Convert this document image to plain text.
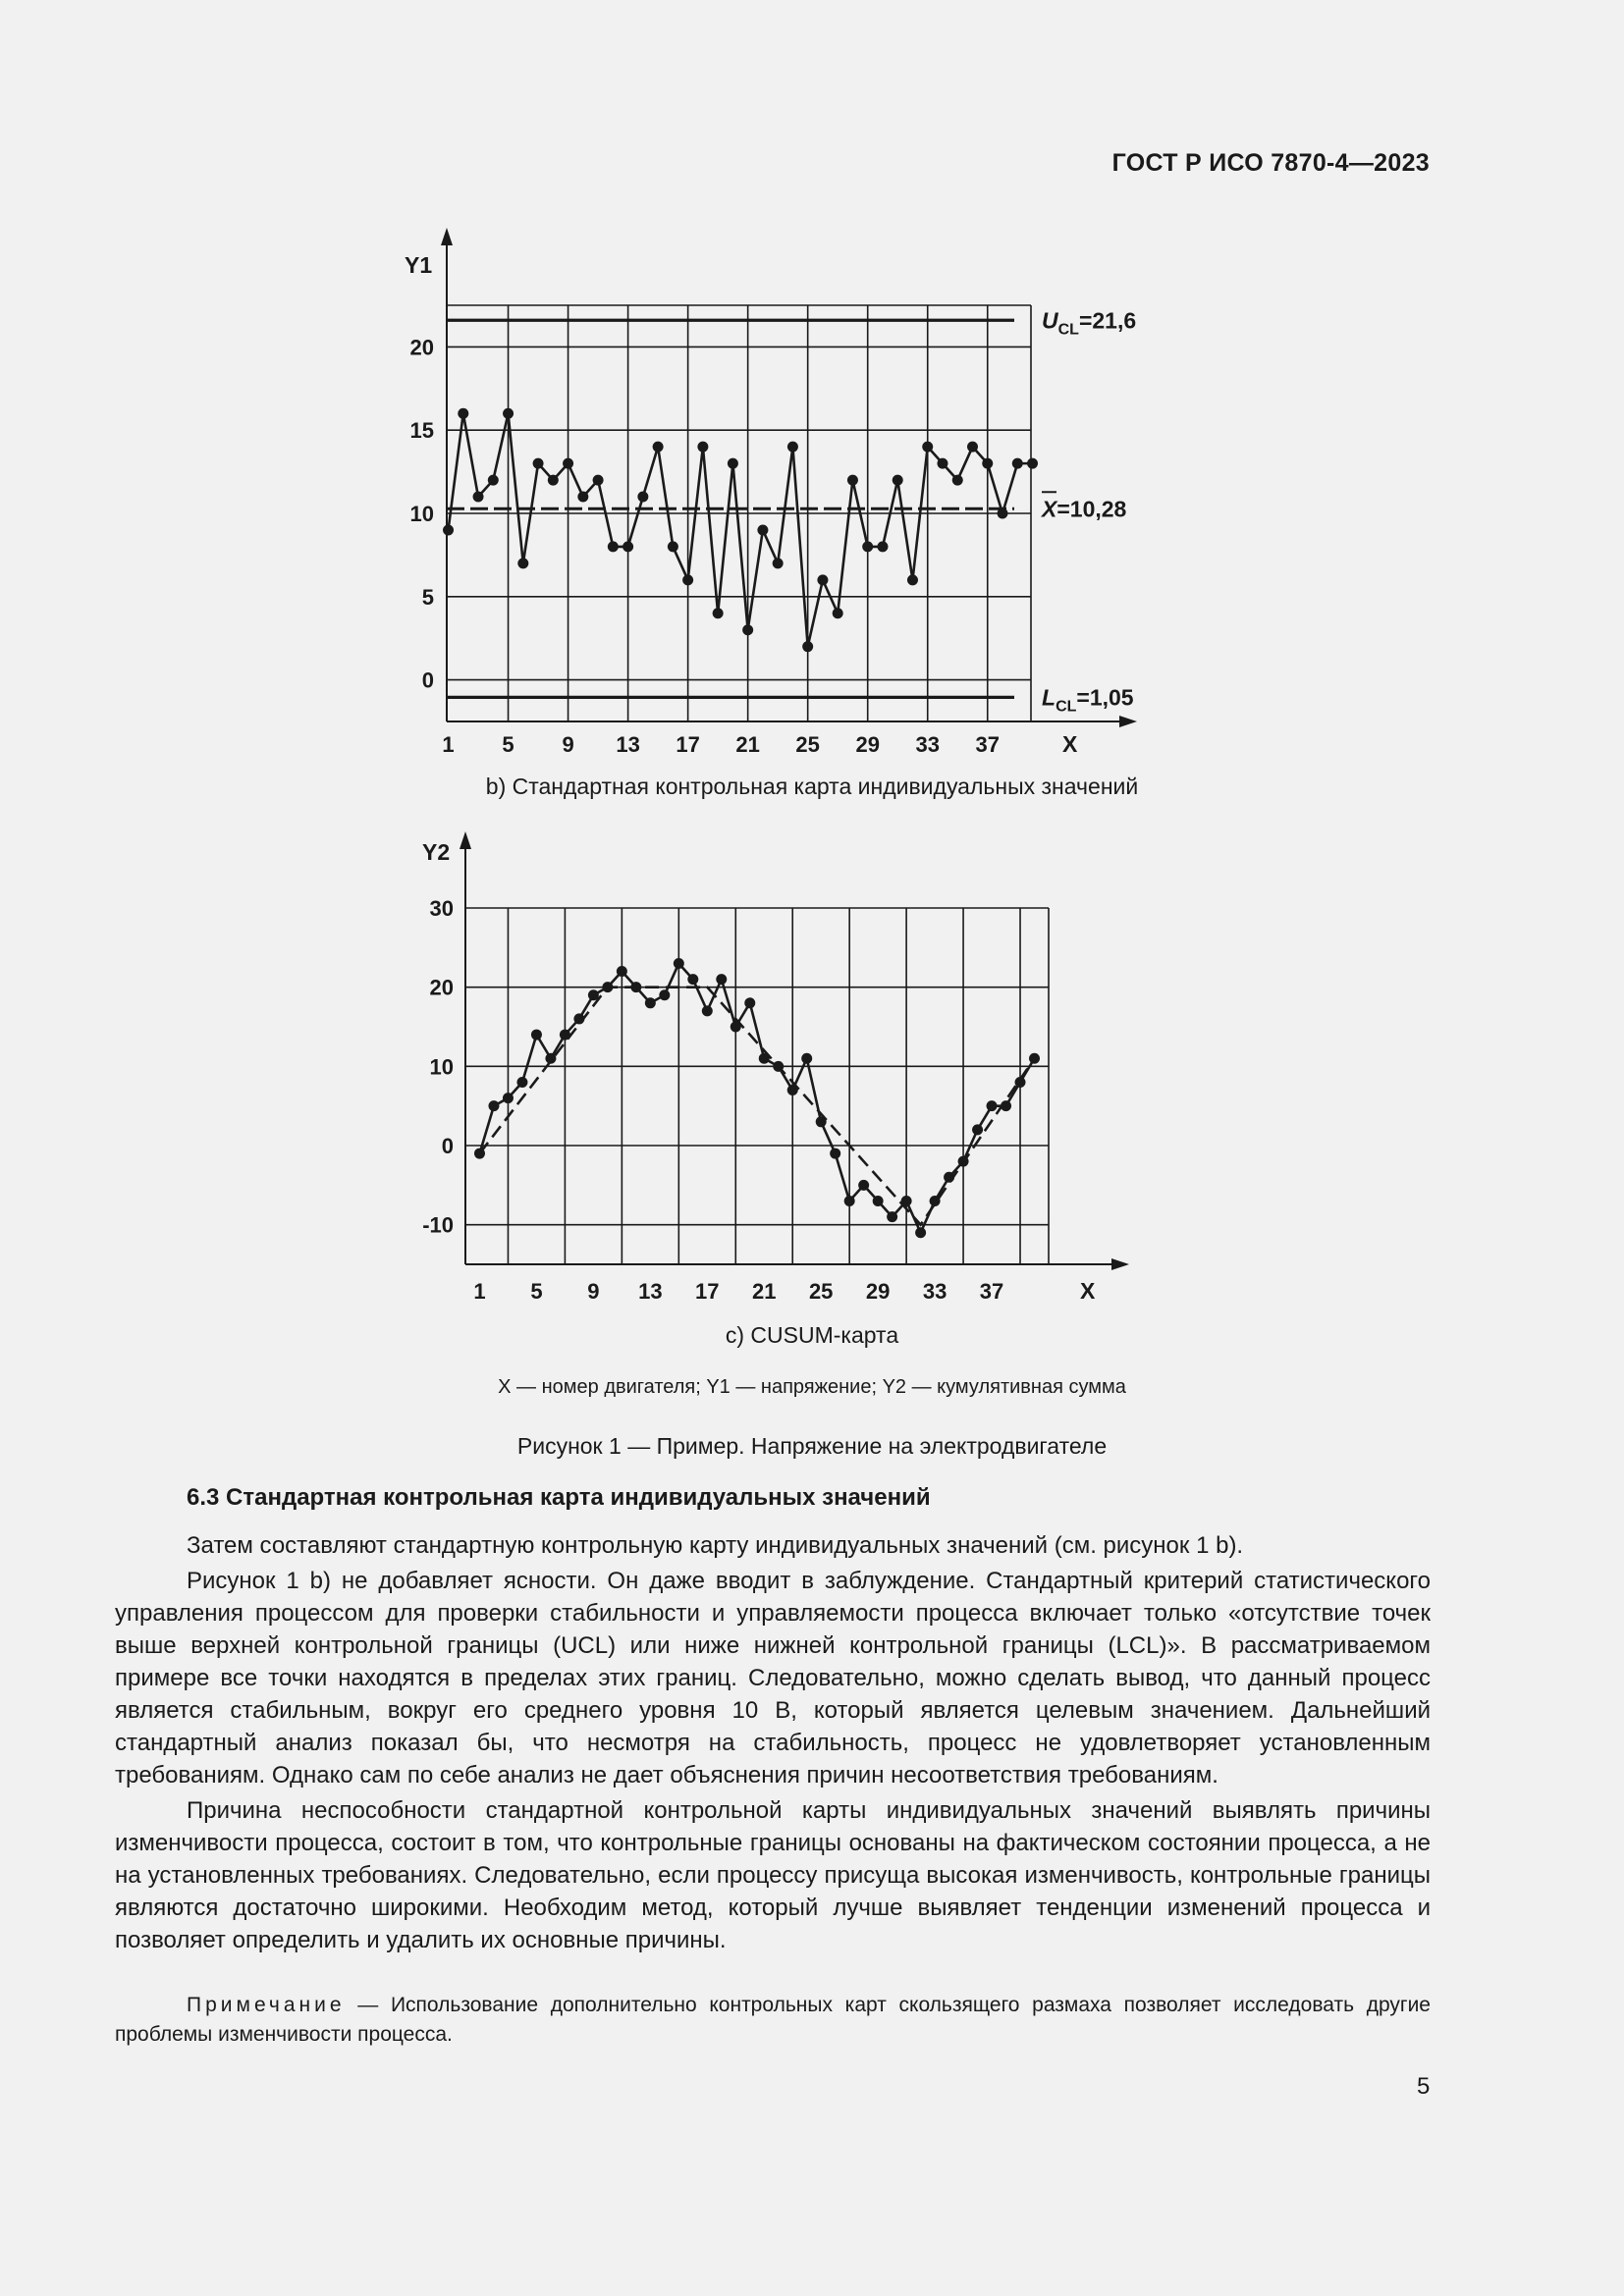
ГОСТ Р ИСО 7870-4—2023
Y1
X
0
5
10
15
20
1 5 9 13 17 21 25 29 33 37
$U_{CL}=21,6$
X=10,28
$L_{CL}=1,05$
b) Стандартная контрольная карта индивидуальных значений
Y2
X
30
20
10
0
-10
1 5 9 13 17 21 25 29 33 37
c) CUSUM-карта
X — номер двигателя; Y1 — напряжение; Y2 — кумулятивная сумма
Рисунок 1 — Пример. Напряжение на электродвигателе
6.3 Стандартная контрольная карта индивидуальных значений

Затем составляют стандартную контрольную карту индивидуальных значений (см. рисунок 1 b).

Рисунок 1 b) не добавляет ясности. Он даже вводит в заблуждение. Стандартный критерий статистического управления процессом для проверки стабильности и управляемости процесса включает только «отсутствие точек выше верхней контрольной границы (UCL) или ниже нижней контрольной границы (LCL)». В рассматриваемом примере все точки находятся в пределах этих границ. Следовательно, можно сделать вывод, что данный процесс является стабильным, вокруг его среднего уровня 10 В, который является целевым значением. Дальнейший стандартный анализ показал бы, что несмотря на стабильность, процесс не удовлетворяет установленным требованиям. Однако сам по себе анализ не дает объяснения причин несоответствия требованиям.

Причина неспособности стандартной контрольной карты индивидуальных значений выявлять причины изменчивости процесса, состоит в том, что контрольные границы основаны на фактическом состоянии процесса, а не на установленных требованиях. Следовательно, если процессу присуща высокая изменчивость, контрольные границы являются достаточно широкими. Необходим метод, который лучше выявляет тенденции изменений процесса и позволяет определить и удалить их основные причины.

Примечание — Использование дополнительно контрольных карт скользящего размаха позволяет исследовать другие проблемы изменчивости процесса.
5
